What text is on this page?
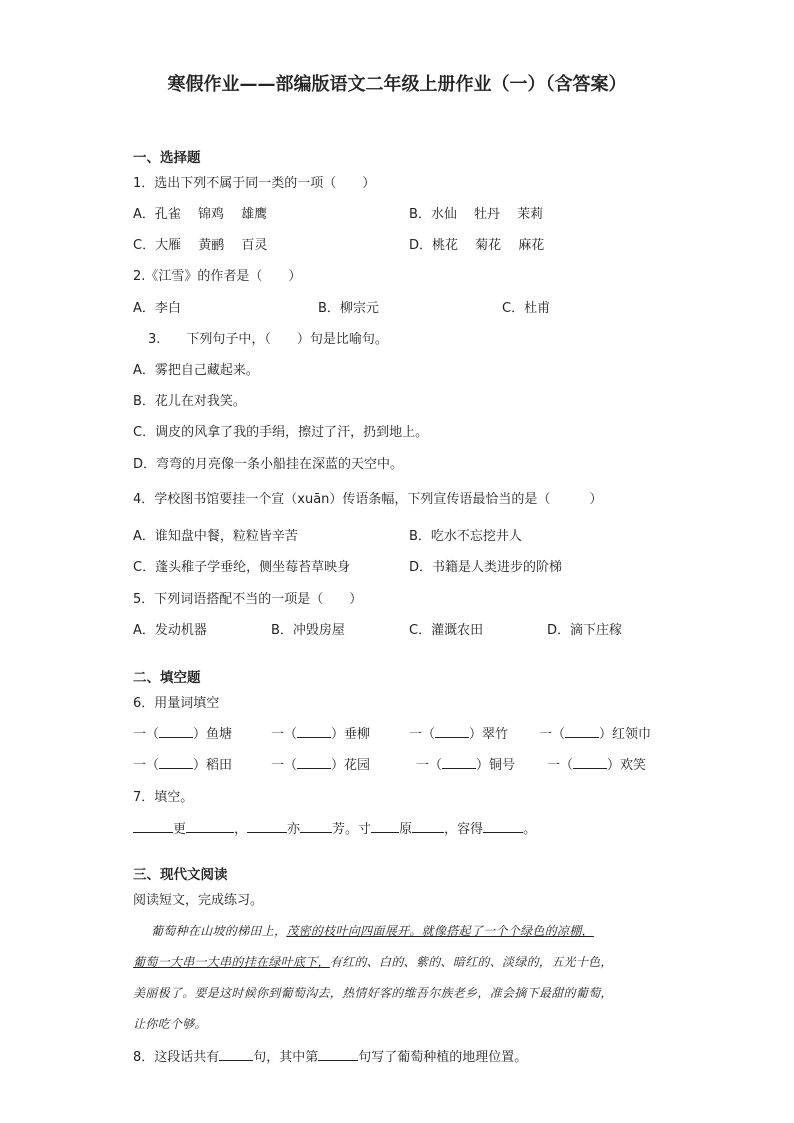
寒假作业——部编版语文二年级上册作业（一）（含答案）
一、选择题
1．选出下列不属于同一类的一项（　　）
A．孔雀　 锦鸡　 雄鹰	B．水仙　 牡丹　 茉莉
C．大雁　 黄鹂　 百灵	D．桃花　 菊花　 麻花
2.《江雪》的作者是（　　）
A．李白	B．柳宗元	C．杜甫
3.　　下列句子中，（　　）句是比喻句。
A．雾把自己藏起来。
B．花儿在对我笑。
C．调皮的风拿了我的手绢，擦过了汗，扔到地上。
D．弯弯的月亮像一条小船挂在深蓝的天空中。
4．学校图书馆要挂一个宣（xuān）传语条幅，下列宣传语最恰当的是（　　　）
A．谁知盘中餐，粒粒皆辛苦	B．吃水不忘挖井人
C．蓬头稚子学垂纶，侧坐莓苔草映身	D．书籍是人类进步的阶梯
5．下列词语搭配不当的一项是（　　）
A．发动机器	B．冲毁房屋	C．灌溉农田	D．滴下庄稼
二、填空题
6．用量词填空
一（	）鱼塘	一（	）垂柳	一（	）翠竹 一（	）红领巾
一（	）稻田	一（	）花园	一（	）铜号 一（	）欢笑
7．填空。
更	，	亦 芳。寸 原 ，容得	。
三、现代文阅读
阅读短文，完成练习。
葡萄种在山坡的梯田上，茂密的枝叶向四面展开。就像搭起了一个个绿色的凉棚，
葡萄一大串一大串的挂在绿叶底下，有红的、白的、紫的、暗红的、淡绿的，五光十色，
美丽极了。要是这时候你到葡萄沟去，热情好客的维吾尔族老乡，准会摘下最甜的葡萄，
让你吃个够。
8．这段话共有	句，其中第	句写了葡萄种植的地理位置。
